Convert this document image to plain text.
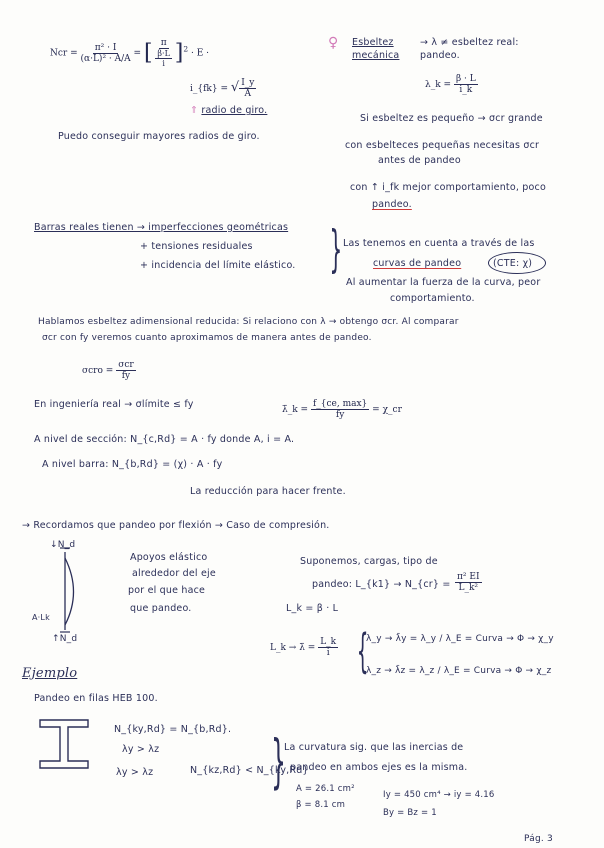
Ncr = $\frac{\text{π² · I}}{\text{(α·L)² · A/A}}$ = [ $\frac{\pi}{\frac{\beta\cdot L}{i}} ]^2 \cdot E$ ·
i_{fk} = √ $\frac{I\_y}{A}$
⇑ radio de giro.
Puedo conseguir mayores radios de giro.
♀ Esbeltez mecánica
→ λ ≠ esbeltez real: pandeo.
λ_k = $\frac{\beta \cdot L}{i\_k}$
Si esbeltez es pequeño → σcr grande
con esbelteces pequeñas necesitas σcr
antes de pandeo
con ↑ i_fk mejor comportamiento, poco
pandeo.
Barras reales tienen → imperfecciones geométricas
+ tensiones residuales
+ incidencia del límite elástico. } Las tenemos en cuenta a través de las
curvas de pandeo	(CTE: χ)
Al aumentar la fuerza de la curva, peor
comportamiento.
Hablamos esbeltez adimensional reducida: Si relaciono con λ → obtengo σcr. Al comparar
σcr con fy veremos cuanto aproximamos de manera antes de pandeo.
$\sigma cro = \frac{\text{σcr}}{fy}$
En ingeniería real → σlímite ≤ fy	λ̄_k = $\frac{f\_\{ce, \max\}}{fy}$ = χ_cr
A nivel de sección: N_{c,Rd} = A · fy donde A, i = A.
A nivel barra: N_{b,Rd} = (χ) · A · fy
La reducción para hacer frente.
→ Recordamos que pandeo por flexión → Caso de compresión.
↓N_d
↑N_d
A·Lk
Apoyos elástico
alrededor del eje
por el que hace
que pandeo.
Suponemos, cargas, tipo de
pandeo: L_{k1} → N_{cr} = $\frac{\text{π² EI}}{\text{L\_k²}}$
L_k = β · L
L_k → λ̄ = $\frac{L\_k}{i}$ {
λ_y → λ̄y = λ_y / λ_E = Curva → Φ → χ_y
λ_z → λ̄z = λ_z / λ_E = Curva → Φ → χ_z
Ejemplo
Pandeo en filas HEB 100.
N_{ky,Rd} = N_{b,Rd}.
λy > λz
λy > λz	N_{kz,Rd} < N_{ky,Rd}
}
La curvatura sig. que las inercias de
pandeo en ambos ejes es la misma.
A = 26.1 cm²
Iy = 450 cm⁴ → iy = 4.16
β = 8.1 cm
By = Bz = 1
Pág. 3
